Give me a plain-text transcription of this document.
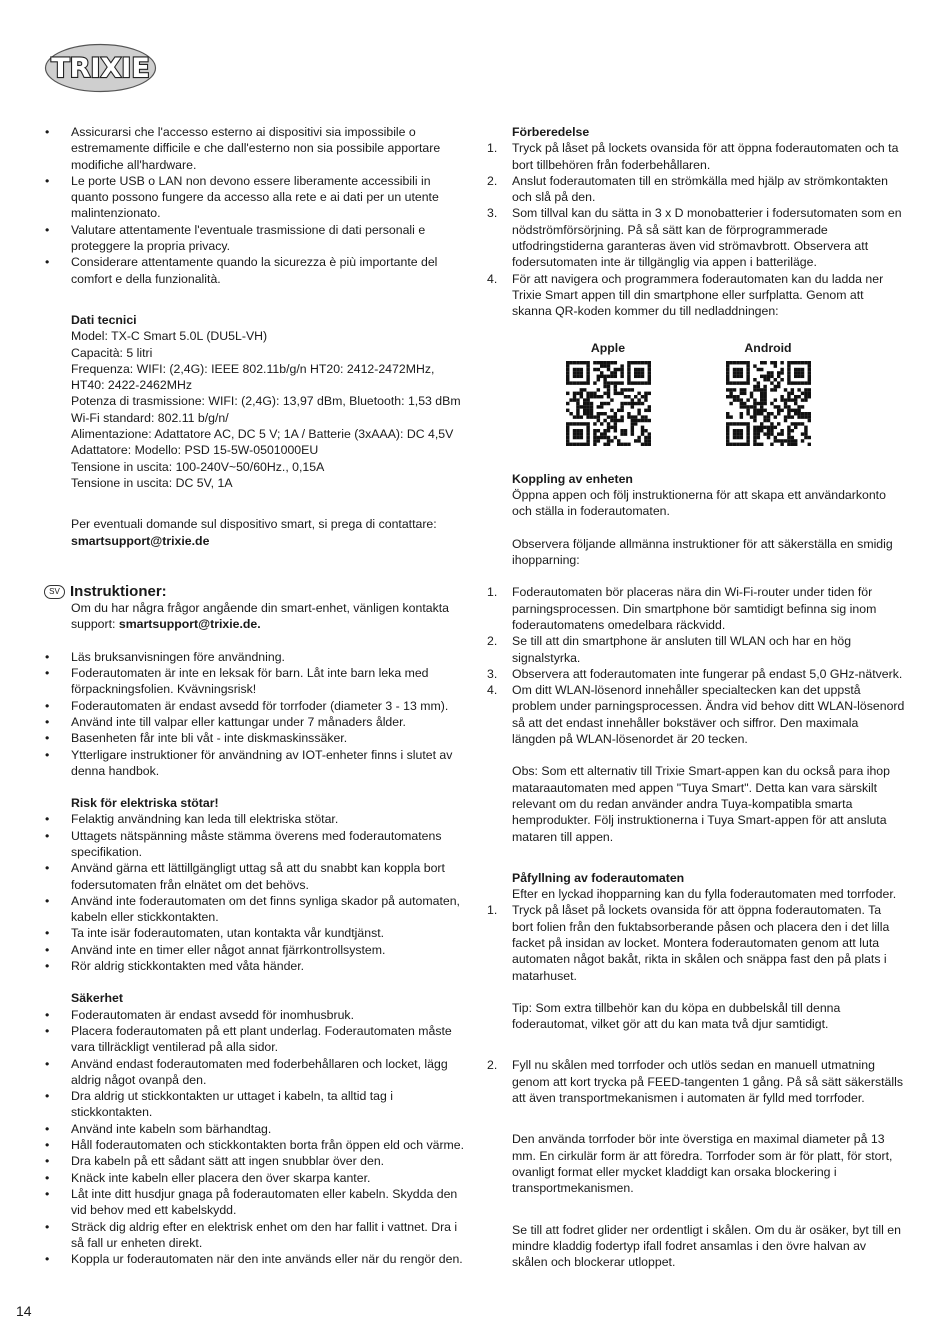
TRIXIE
•	Assicurarsi che l'accesso esterno ai dispositivi sia impossibile o estremamente difficile e che dall'esterno non sia possibile apportare modifiche all'hardware.
•	Le porte USB o LAN non devono essere liberamente accessibili in quanto possono fungere da accesso alla rete e ai dati per un utente malintenzionato.
•	Valutare attentamente l'eventuale trasmissione di dati personali e proteggere la propria privacy.
•	Considerare attentamente quando la sicurezza è più importante del comfort e della funzionalità.
Dati tecnici
Model: TX-C Smart 5.0L (DU5L-VH)
Capacità: 5 litri
Frequenza: WIFI: (2,4G): IEEE 802.11b/g/n HT20: 2412-2472MHz,
HT40: 2422-2462MHz
Potenza di trasmissione: WIFI: (2,4G): 13,97 dBm, Bluetooth: 1,53 dBm
Wi-Fi standard: 802.11 b/g/n/
Alimentazione: Adattatore AC, DC 5 V; 1A / Batterie (3xAAA): DC 4,5V
Adattatore: Modello: PSD 15-5W-0501000EU
Tensione in uscita: 100-240V~50/60Hz., 0,15A
Tensione in uscita: DC 5V, 1A
Per eventuali domande sul dispositivo smart, si prega di contattare:
smartsupport@trixie.de
SV Instruktioner:
Om du har några frågor angående din smart-enhet, vänligen kontakta
support: smartsupport@trixie.de.
•	Läs bruksanvisningen före användning.
•	Foderautomaten är inte en leksak för barn. Låt inte barn leka med förpackningsfolien. Kvävningsrisk!
•	Foderautomaten är endast avsedd för torrfoder (diameter 3 - 13 mm).
•	Använd inte till valpar eller kattungar under 7 månaders ålder.
•	Basenheten får inte bli våt - inte diskmaskinssäker.
•	Ytterligare instruktioner för användning av IOT-enheter finns i slutet av denna handbok.
Risk för elektriska stötar!
•	Felaktig användning kan leda till elektriska stötar.
•	Uttagets nätspänning måste stämma överens med foderautomatens specifikation.
•	Använd gärna ett lättillgängligt uttag så att du snabbt kan koppla bort fodersutomaten från elnätet om det behövs.
•	Använd inte foderautomaten om det finns synliga skador på automaten, kabeln eller stickkontakten.
•	Ta inte isär foderautomaten, utan kontakta vår kundtjänst.
•	Använd inte en timer eller något annat fjärrkontrollsystem.
•	Rör aldrig stickkontakten med våta händer.
Säkerhet
•	Foderautomaten är endast avsedd för inomhusbruk.
•	Placera foderautomaten på ett plant underlag. Foderautomaten måste vara tillräckligt ventilerad på alla sidor.
•	Använd endast foderautomaten med foderbehållaren och locket, lägg aldrig något ovanpå den.
•	Dra aldrig ut stickkontakten ur uttaget i kabeln, ta alltid tag i stickkontakten.
•	Använd inte kabeln som bärhandtag.
•	Håll foderautomaten och stickkontakten borta från öppen eld och värme.
•	Dra kabeln på ett sådant sätt att ingen snubblar över den.
•	Knäck inte kabeln eller placera den över skarpa kanter.
•	Låt inte ditt husdjur gnaga på foderautomaten eller kabeln. Skydda den vid behov med ett kabelskydd.
•	Sträck dig aldrig efter en elektrisk enhet om den har fallit i vattnet. Dra i så fall ur enheten direkt.
•	Koppla ur foderautomaten när den inte används eller när du rengör den.
Förberedelse
1.	Tryck på låset på lockets ovansida för att öppna foderautomaten och ta bort tillbehören från foderbehållaren.
2.	Anslut foderautomaten till en strömkälla med hjälp av strömkontakten och slå på den.
3.	Som tillval kan du sätta in 3 x D monobatterier i fodersutomaten som en nödströmförsörjning. På så sätt kan de förprogrammerade utfodringstiderna garanteras även vid strömavbrott. Observera att fodersutomaten inte är tillgänglig via appen i batteriläge.
4.	För att navigera och programmera foderautomaten kan du ladda ner Trixie Smart appen till din smartphone eller surfplatta. Genom att skanna QR-koden kommer du till nedladdningen:
Apple	Android
Koppling av enheten
Öppna appen och följ instruktionerna för att skapa ett användarkonto och ställa in foderautomaten.
Observera följande allmänna instruktioner för att säkerställa en smidig ihopparning:
1.	Foderautomaten bör placeras nära din Wi-Fi-router under tiden för parningsprocessen. Din smartphone bör samtidigt befinna sig inom foderautomatens omedelbara räckvidd.
2.	Se till att din smartphone är ansluten till WLAN och har en hög signalstyrka.
3.	Observera att foderautomaten inte fungerar på endast 5,0 GHz-nätverk.
4.	Om ditt WLAN-lösenord innehåller specialtecken kan det uppstå problem under parningsprocessen. Ändra vid behov ditt WLAN-lösenord så att det endast innehåller bokstäver och siffror. Den maximala längden på WLAN-lösenordet är 20 tecken.
Obs: Som ett alternativ till Trixie Smart-appen kan du också para ihop mataraautomaten med appen "Tuya Smart". Detta kan vara särskilt relevant om du redan använder andra Tuya-kompatibla smarta hemprodukter. Följ instruktionerna i Tuya Smart-appen för att ansluta mataren till appen.
Påfyllning av foderautomaten
Efter en lyckad ihopparning kan du fylla foderautomaten med torrfoder.
1.	Tryck på låset på lockets ovansida för att öppna foderautomaten. Ta bort folien från den fuktabsorberande påsen och placera den i det lilla facket på insidan av locket. Montera foderautomaten genom att luta automaten något bakåt, rikta in skålen och snäppa fast den på plats i matarhuset.
Tip: Som extra tillbehör kan du köpa en dubbelskål till denna foderautomat, vilket gör att du kan mata två djur samtidigt.
2.	Fyll nu skålen med torrfoder och utlös sedan en manuell utmatning genom att kort trycka på FEED-tangenten 1 gång. På så sätt säkerställs att även transportmekanismen i automaten är fylld med torrfoder.
Den använda torrfoder bör inte överstiga en maximal diameter på 13 mm. En cirkulär form är att föredra. Torrfoder som är för platt, för stort, ovanligt format eller mycket kladdigt kan orsaka blockering i transportmekanismen.
Se till att fodret glider ner ordentligt i skålen. Om du är osäker, byt till en mindre kladdig fodertyp ifall fodret ansamlas i den övre halvan av skålen och blockerar utloppet.
14
